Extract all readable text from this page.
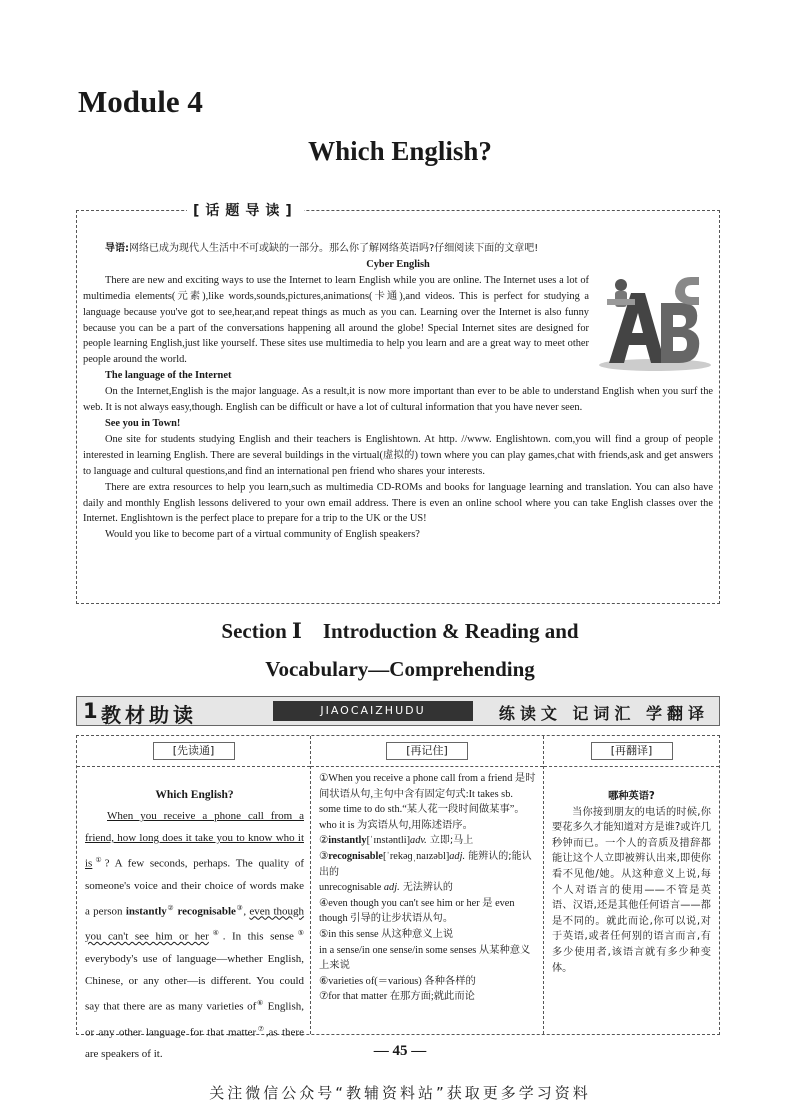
Module 4
Which English?
[话题导读]

导语:网络已成为现代人生活中不可或缺的一部分。那么你了解网络英语吗?仔细阅读下面的文章吧!

Cyber English

There are new and exciting ways to use the Internet to learn English while you are online. The Internet uses a lot of multimedia elements(元素),like words,sounds,pictures,animations(卡通),and videos. This is perfect for studying a language because you've got to see,hear,and repeat things as much as you can. Learning over the Internet is also funny because you can be a part of the conversations happening all around the globe! Special Internet sites are designed for people learning English,just like yourself. These sites use multimedia to help you learn and are a great way to meet other people around the world.

The language of the Internet

On the Internet,English is the major language. As a result,it is now more important than ever to be able to understand English when you surf the web. It is not always easy,though. English can be difficult or have a lot of cultural information that you have never seen.

See you in Town!

One site for students studying English and their teachers is Englishtown. At http. //www. Englishtown. com,you will find a group of people interested in learning English. There are several buildings in the virtual(虚拟的) town where you can play games,chat with friends,ask and get answers to language and cultural questions,and find an international pen friend who shares your interests.

There are extra resources to help you learn,such as multimedia CD-ROMs and books for language learning and translation. You can also have daily and monthly English lessons delivered to your own email address. There is even an online school where you can take English classes over the Internet. Englishtown is the perfect place to prepare for a trip to the UK or the US!

Would you like to become part of a virtual community of English speakers?

Section Ⅰ　Introduction & Reading and
Vocabulary—Comprehending
1 教材助读	JIAOCAIZHUDU	练读文 记词汇 学翻译
[先读通]
Which English?

When you receive a phone call from a friend, how long does it take you to know who it is①? A few seconds, perhaps. The quality of someone's voice and their choice of words make a person instantly② recognisable③, even though you can't see him or her④. In this sense⑤ everybody's use of language—whether English, Chinese, or any other—is different. You could say that there are as many varieties of⑥ English, or any other language for that matter⑦,as there are speakers of it.

[再记住]

①When you receive a phone call from a friend 是时间状语从句,主句中含有固定句式:It takes sb. some time to do sth.“某人花一段时间做某事”。who it is 为宾语从句,用陈述语序。

②instantly[ˈɪnstəntli]adv. 立即;马上

③recognisable[ˈrekəɡˌnaɪzəbl]adj. 能辨认的;能认出的

unrecognisable adj. 无法辨认的

④even though you can't see him or her 是 even though 引导的让步状语从句。

⑤in this sense 从这种意义上说

in a sense/in one sense/in some senses 从某种意义上来说

⑥varieties of(＝various) 各种各样的

⑦for that matter 在那方面;就此而论

[再翻译]
哪种英语?

当你接到朋友的电话的时候,你要花多久才能知道对方是谁?或许几秒钟而已。一个人的音质及措辞都能让这个人立即被辨认出来,即使你看不见他/她。从这种意义上说,每个人对语言的使用——不管是英语、汉语,还是其他任何语言——都是不同的。就此而论,你可以说,对于英语,或者任何别的语言而言,有多少使用者,该语言就有多少种变体。

— 45 —
关注微信公众号“教辅资料站”获取更多学习资料
